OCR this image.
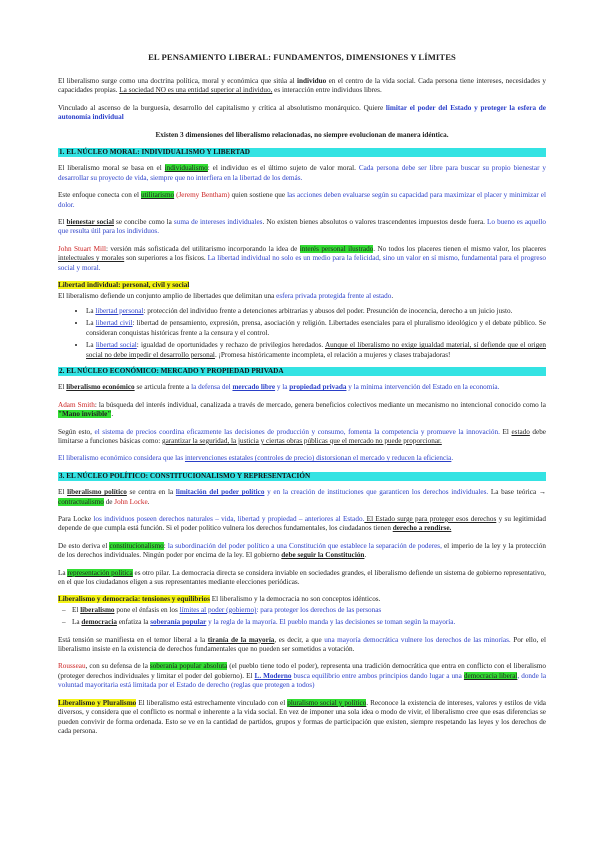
EL PENSAMIENTO LIBERAL: FUNDAMENTOS, DIMENSIONES Y LÍMITES

El liberalismo surge como una doctrina política, moral y económica que sitúa al individuo en el centro de la vida social. Cada persona tiene intereses, necesidades y capacidades propias. La sociedad NO es una entidad superior al individuo, es interacción entre individuos libres.

Vinculado al ascenso de la burguesía, desarrollo del capitalismo y crítica al absolutismo monárquico. Quiere limitar el poder del Estado y proteger la esfera de autonomía individual

Existen 3 dimensiones del liberalismo relacionadas, no siempre evolucionan de manera idéntica.

1. EL NÚCLEO MORAL: INDIVIDUALISMO Y LIBERTAD

El liberalismo moral se basa en el individualismo: el individuo es el último sujeto de valor moral. Cada persona debe ser libre para buscar su propio bienestar y desarrollar su proyecto de vida, siempre que no interfiera en la libertad de los demás.

Este enfoque conecta con el utilitarismo (Jeremy Bentham) quien sostiene que las acciones deben evaluarse según su capacidad para maximizar el placer y minimizar el dolor.

El bienestar social se concibe como la suma de intereses individuales. No existen bienes absolutos o valores trascendentes impuestos desde fuera. Lo bueno es aquello que resulta útil para los individuos.

John Stuart Mill: versión más sofisticada del utilitarismo incorporando la idea de interés personal ilustrado. No todos los placeres tienen el mismo valor, los placeres intelectuales y morales son superiores a los físicos. La libertad individual no solo es un medio para la felicidad, sino un valor en sí mismo, fundamental para el progreso social y moral.

Libertad individual: personal, civil y social

El liberalismo defiende un conjunto amplio de libertades que delimitan una esfera privada protegida frente al estado.

• La libertad personal: protección del individuo frente a detenciones arbitrarias y abusos del poder. Presunción de inocencia, derecho a un juicio justo.
• La libertad civil: libertad de pensamiento, expresión, prensa, asociación y religión. Libertades esenciales para el pluralismo ideológico y el debate público. Se consideran conquistas históricas frente a la censura y el control.
• La libertad social: igualdad de oportunidades y rechazo de privilegios heredados. Aunque el liberalismo no exige igualdad material, sí defiende que el origen social no debe impedir el desarrollo personal. ¡Promesa históricamente incompleta, el relación a mujeres y clases trabajadoras!
2. EL NÚCLEO ECONÓMICO: MERCADO Y PROPIEDAD PRIVADA

El liberalismo económico se articula frente a la defensa del mercado libre y la propiedad privada y la mínima intervención del Estado en la economía.

Adam Smith: la búsqueda del interés individual, canalizada a través de mercado, genera beneficios colectivos mediante un mecanismo no intencional conocido como la "Mano invisible".

Según esto, el sistema de precios coordina eficazmente las decisiones de producción y consumo, fomenta la competencia y promueve la innovación. El estado debe limitarse a funciones básicas como: garantizar la seguridad, la justicia y ciertas obras públicas que el mercado no puede proporcionar.

El liberalismo económico considera que las intervenciones estatales (controles de precio) distorsionan el mercado y reducen la eficiencia.

3. EL NÚCLEO POLÍTICO: CONSTITUCIONALISMO Y REPRESENTACIÓN

El liberalismo político se centra en la limitación del poder político y en la creación de instituciones que garanticen los derechos individuales. La base teórica → contractualismo de John Locke.

Para Locke los individuos poseen derechos naturales – vida, libertad y propiedad – anteriores al Estado. El Estado surge para proteger esos derechos y su legitimidad depende de que cumpla está función. Si el poder político vulnera los derechos fundamentales, los ciudadanos tienen derecho a rendirse.

De esto deriva el constitucionalismo: la subordinación del poder político a una Constitución que establece la separación de poderes, el imperio de la ley y la protección de los derechos individuales. Ningún poder por encima de la ley. El gobierno debe seguir la Constitución.

La representación política es otro pilar. La democracia directa se considera inviable en sociedades grandes, el liberalismo defiende un sistema de gobierno representativo, en el que los ciudadanos eligen a sus representantes mediante elecciones periódicas.

Liberalismo y democracia: tensiones y equilibrios El liberalismo y la democracia no son conceptos idénticos.
– El liberalismo pone el énfasis en los límites al poder (gobierno): para proteger los derechos de las personas
– La democracia enfatiza la soberanía popular y la regla de la mayoría. El pueblo manda y las decisiones se toman según la mayoría.

Está tensión se manifiesta en el temor liberal a la tiranía de la mayoría, es decir, a que una mayoría democrática vulnere los derechos de las minorías. Por ello, el liberalismo insiste en la existencia de derechos fundamentales que no pueden ser sometidos a votación.

Rousseau, con su defensa de la soberanía popular absoluta (el pueblo tiene todo el poder), representa una tradición democrática que entra en conflicto con el liberalismo (proteger derechos individuales y limitar el poder del gobierno). El L. Moderno busca equilibrio entre ambos principios dando lugar a una democracia liberal, donde la voluntad mayoritaria está limitada por el Estado de derecho (reglas que protegen a todos)

Liberalismo y Pluralismo El liberalismo está estrechamente vinculado con el pluralismo social y político. Reconoce la existencia de intereses, valores y estilos de vida diversos, y considera que el conflicto es normal e inherente a la vida social. En vez de imponer una sola idea o modo de vivir, el liberalismo cree que esas diferencias se pueden convivir de forma ordenada. Esto se ve en la cantidad de partidos, grupos y formas de participación que existen, siempre respetando las leyes y los derechos de cada persona.
